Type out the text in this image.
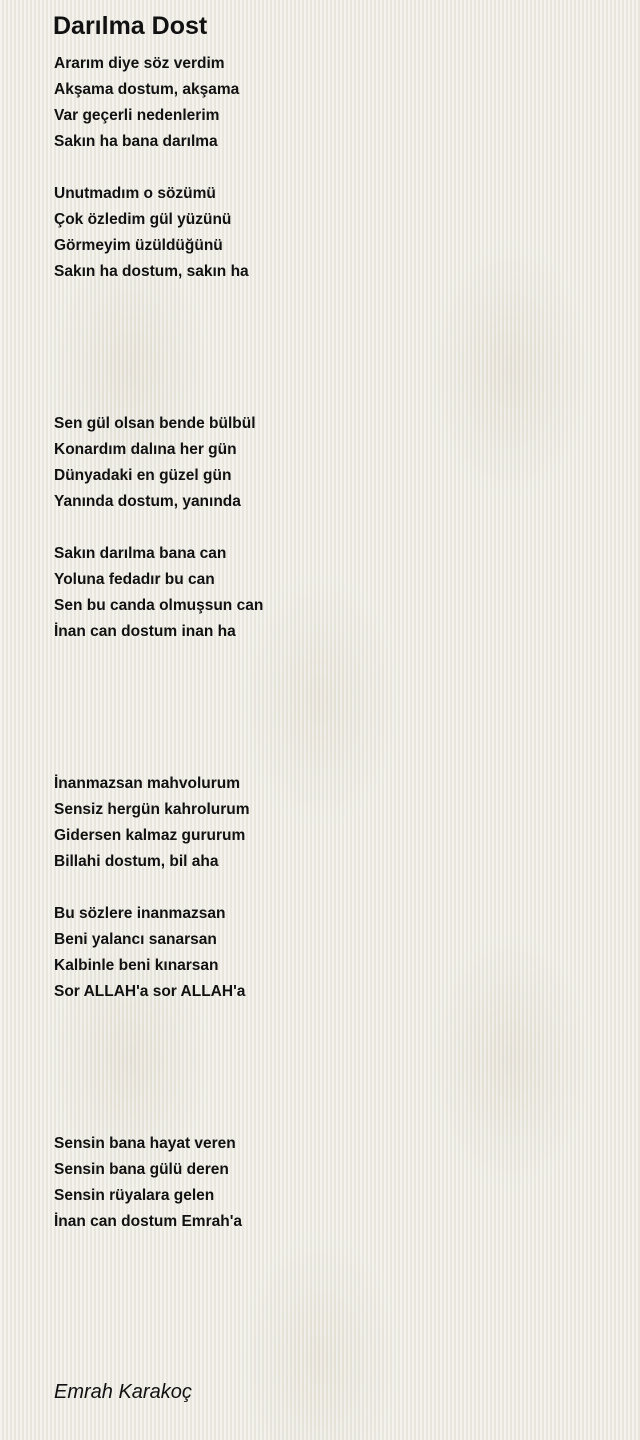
Darılma Dost
Ararım diye söz verdim
Akşama dostum, akşama
Var geçerli nedenlerim
Sakın ha bana darılma
Unutmadım o sözümü
Çok özledim gül yüzünü
Görmeyim üzüldüğünü
Sakın ha dostum, sakın ha
Sen gül olsan bende bülbül
Konardım dalına her gün
Dünyadaki en güzel gün
Yanında dostum, yanında
Sakın darılma bana can
Yoluna fedadır bu can
Sen bu canda olmuşsun can
İnan can dostum inan ha
İnanmazsan mahvolurum
Sensiz hergün kahrolurum
Gidersen kalmaz gururum
Billahi dostum, bil aha
Bu sözlere inanmazsan
Beni yalancı sanarsan
Kalbinle beni kınarsan
Sor ALLAH'a sor ALLAH'a
Sensin bana hayat veren
Sensin bana gülü deren
Sensin rüyalara gelen
İnan can dostum Emrah'a

Emrah Karakoç
